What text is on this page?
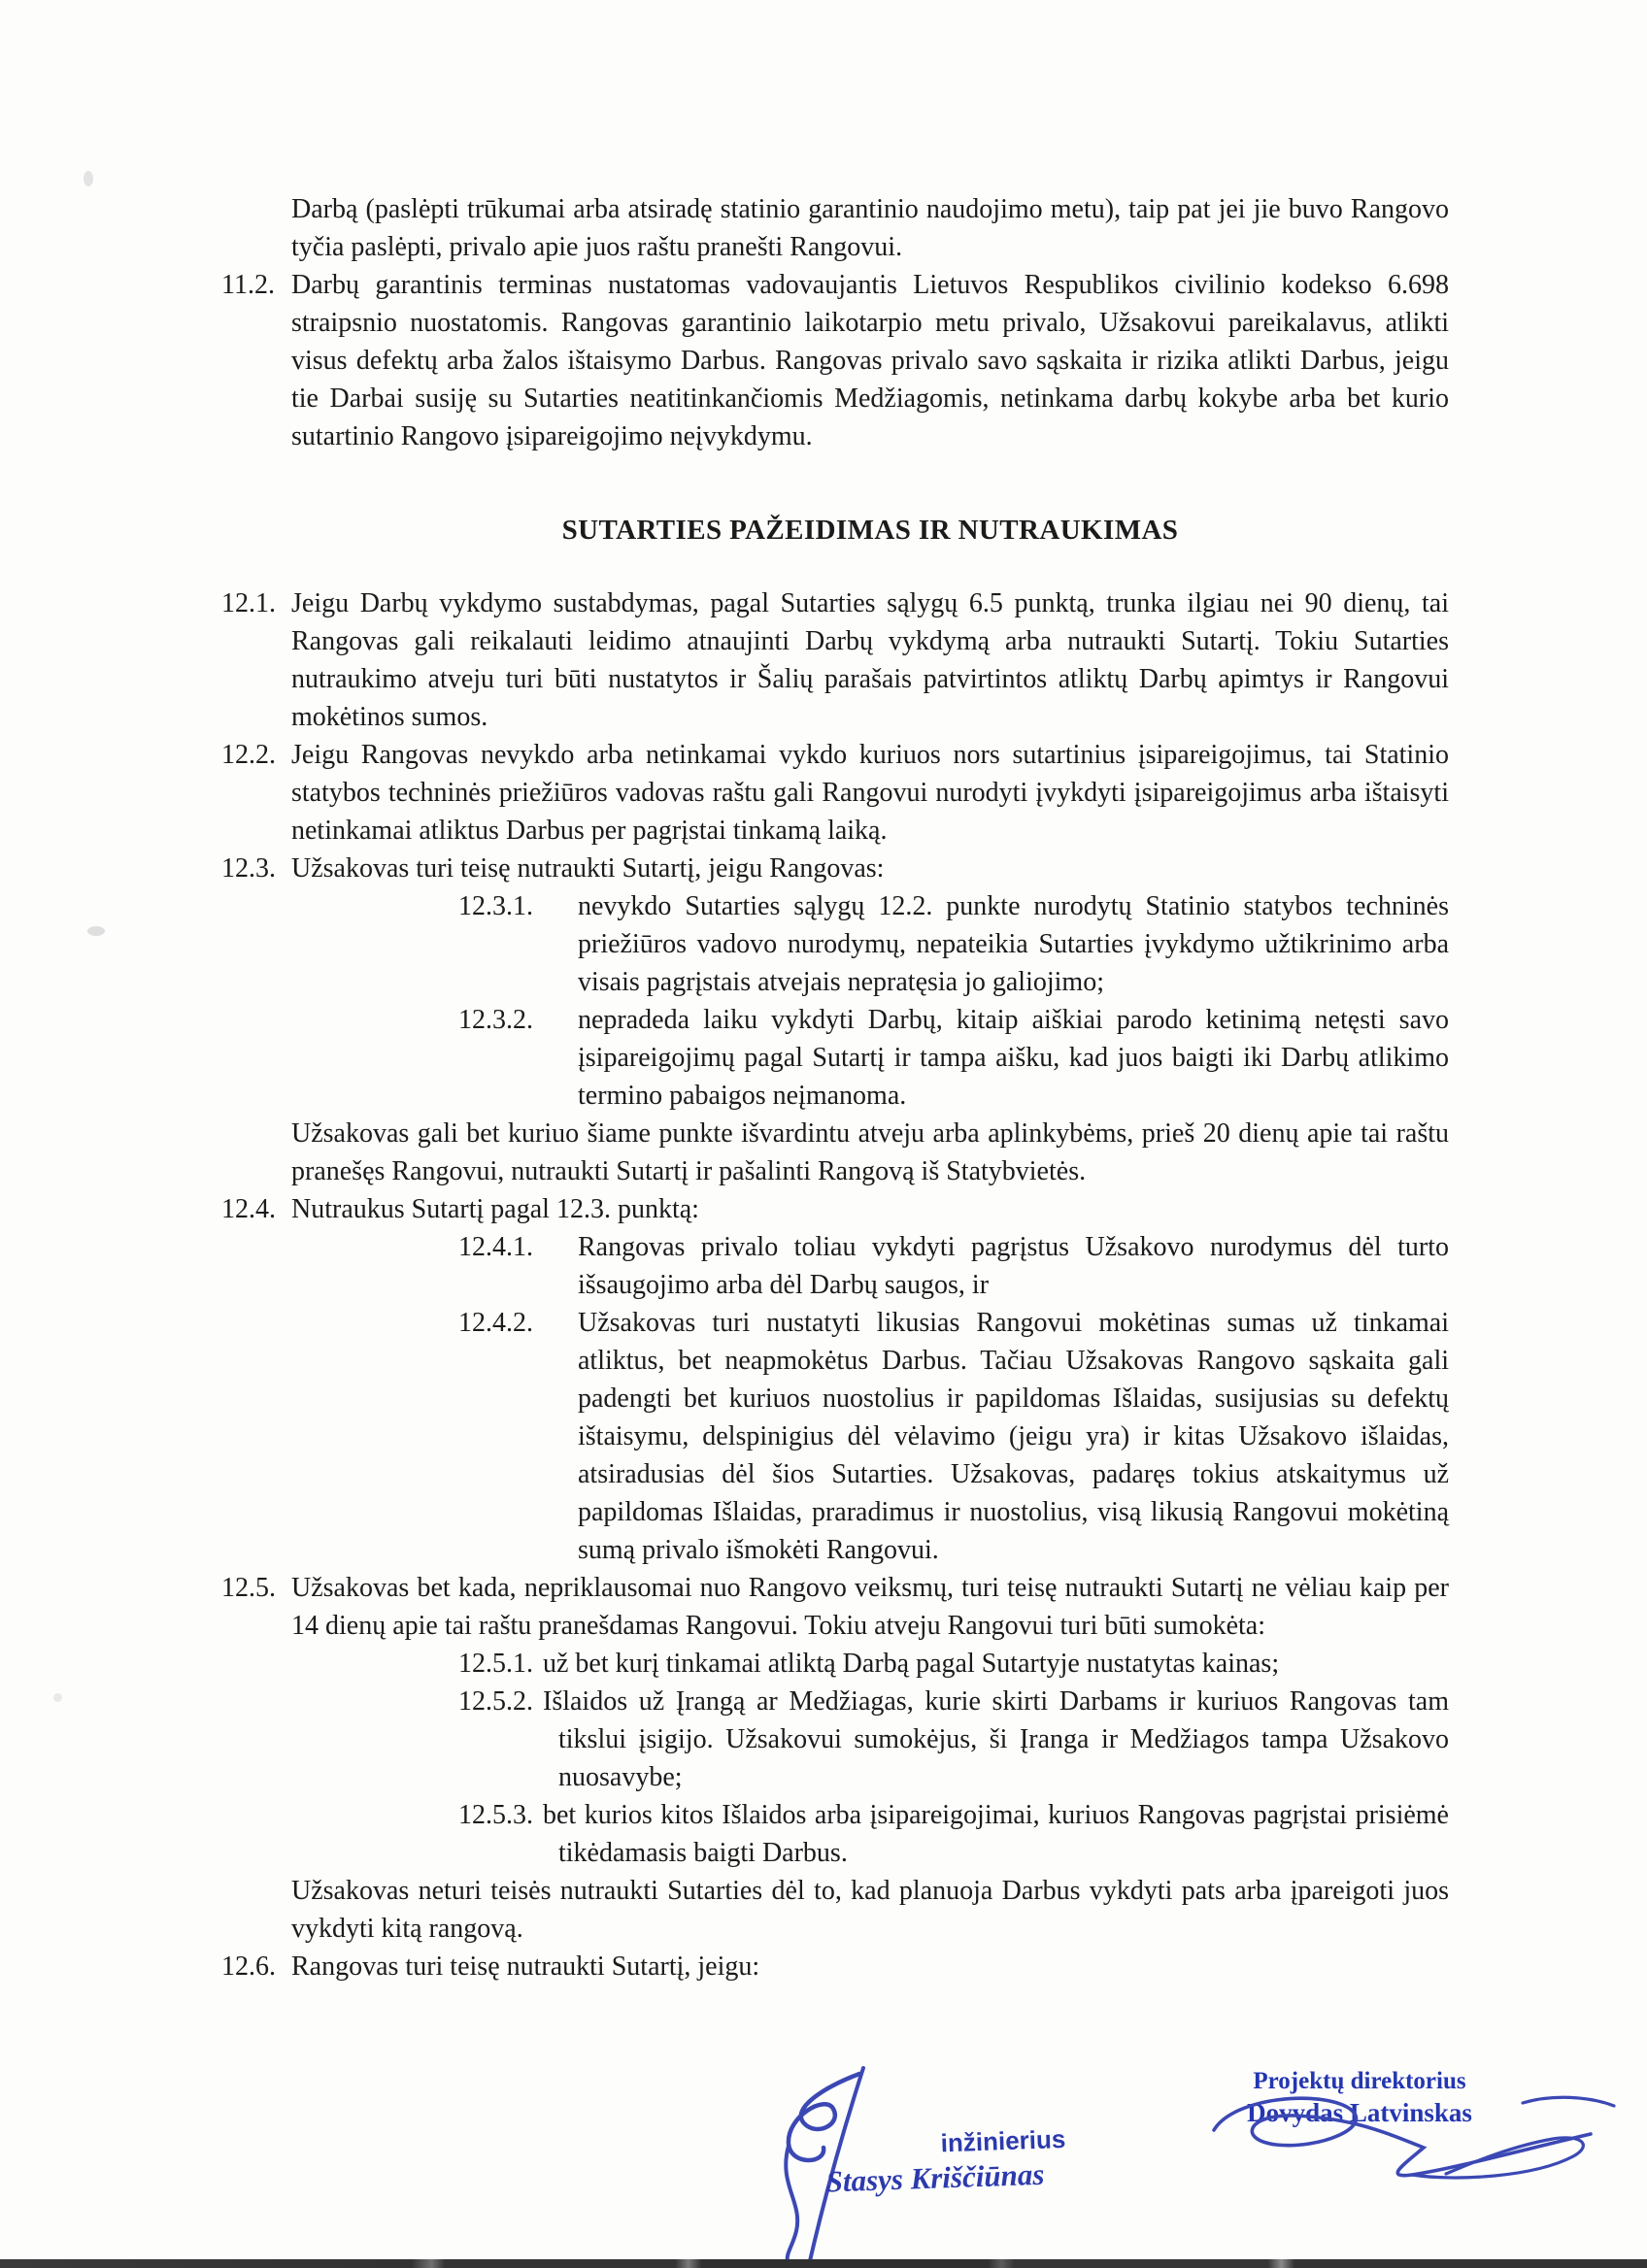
Darbą (paslėpti trūkumai arba atsiradę statinio garantinio naudojimo metu), taip pat jei jie buvo Rangovo tyčia paslėpti, privalo apie juos raštu pranešti Rangovui.
11.2. Darbų garantinis terminas nustatomas vadovaujantis Lietuvos Respublikos civilinio kodekso 6.698 straipsnio nuostatomis. Rangovas garantinio laikotarpio metu privalo, Užsakovui pareikalavus, atlikti visus defektų arba žalos ištaisymo Darbus. Rangovas privalo savo sąskaita ir rizika atlikti Darbus, jeigu tie Darbai susiję su Sutarties neatitinkančiomis Medžiagomis, netinkama darbų kokybe arba bet kurio sutartinio Rangovo įsipareigojimo neįvykdymu.
SUTARTIES PAŽEIDIMAS IR NUTRAUKIMAS
12.1. Jeigu Darbų vykdymo sustabdymas, pagal Sutarties sąlygų 6.5 punktą, trunka ilgiau nei 90 dienų, tai Rangovas gali reikalauti leidimo atnaujinti Darbų vykdymą arba nutraukti Sutartį. Tokiu Sutarties nutraukimo atveju turi būti nustatytos ir Šalių parašais patvirtintos atliktų Darbų apimtys ir Rangovui mokėtinos sumos.
12.2. Jeigu Rangovas nevykdo arba netinkamai vykdo kuriuos nors sutartinius įsipareigojimus, tai Statinio statybos techninės priežiūros vadovas raštu gali Rangovui nurodyti įvykdyti įsipareigojimus arba ištaisyti netinkamai atliktus Darbus per pagrįstai tinkamą laiką.
12.3. Užsakovas turi teisę nutraukti Sutartį, jeigu Rangovas:
12.3.1.	nevykdo Sutarties sąlygų 12.2. punkte nurodytų Statinio statybos techninės priežiūros vadovo nurodymų, nepateikia Sutarties įvykdymo užtikrinimo arba visais pagrįstais atvejais nepratęsia jo galiojimo;
12.3.2.	nepradeda laiku vykdyti Darbų, kitaip aiškiai parodo ketinimą netęsti savo įsipareigojimų pagal Sutartį ir tampa aišku, kad juos baigti iki Darbų atlikimo termino pabaigos neįmanoma.
Užsakovas gali bet kuriuo šiame punkte išvardintu atveju arba aplinkybėms, prieš 20 dienų apie tai raštu pranešęs Rangovui, nutraukti Sutartį ir pašalinti Rangovą iš Statybvietės.
12.4. Nutraukus Sutartį pagal 12.3. punktą:
12.4.1.	Rangovas privalo toliau vykdyti pagrįstus Užsakovo nurodymus dėl turto išsaugojimo arba dėl Darbų saugos, ir
12.4.2.	Užsakovas turi nustatyti likusias Rangovui mokėtinas sumas už tinkamai atliktus, bet neapmokėtus Darbus. Tačiau Užsakovas Rangovo sąskaita gali padengti bet kuriuos nuostolius ir papildomas Išlaidas, susijusias su defektų ištaisymu, delspinigius dėl vėlavimo (jeigu yra) ir kitas Užsakovo išlaidas, atsiradusias dėl šios Sutarties. Užsakovas, padaręs tokius atskaitymus už papildomas Išlaidas, praradimus ir nuostolius, visą likusią Rangovui mokėtiną sumą privalo išmokėti Rangovui.
12.5. Užsakovas bet kada, nepriklausomai nuo Rangovo veiksmų, turi teisę nutraukti Sutartį ne vėliau kaip per 14 dienų apie tai raštu pranešdamas Rangovui. Tokiu atveju Rangovui turi būti sumokėta:
12.5.1. už bet kurį tinkamai atliktą Darbą pagal Sutartyje nustatytas kainas;
12.5.2. Išlaidos už Įrangą ar Medžiagas, kurie skirti Darbams ir kuriuos Rangovas tam tikslui įsigijo. Užsakovui sumokėjus, ši Įranga ir Medžiagos tampa Užsakovo nuosavybe;
12.5.3. bet kurios kitos Išlaidos arba įsipareigojimai, kuriuos Rangovas pagrįstai prisiėmė tikėdamasis baigti Darbus.
Užsakovas neturi teisės nutraukti Sutarties dėl to, kad planuoja Darbus vykdyti pats arba įpareigoti juos vykdyti kitą rangovą.
12.6. Rangovas turi teisę nutraukti Sutartį, jeigu:
inžinierius
Stasys Kriščiūnas
Projektų direktorius
Dovydas Latvinskas
